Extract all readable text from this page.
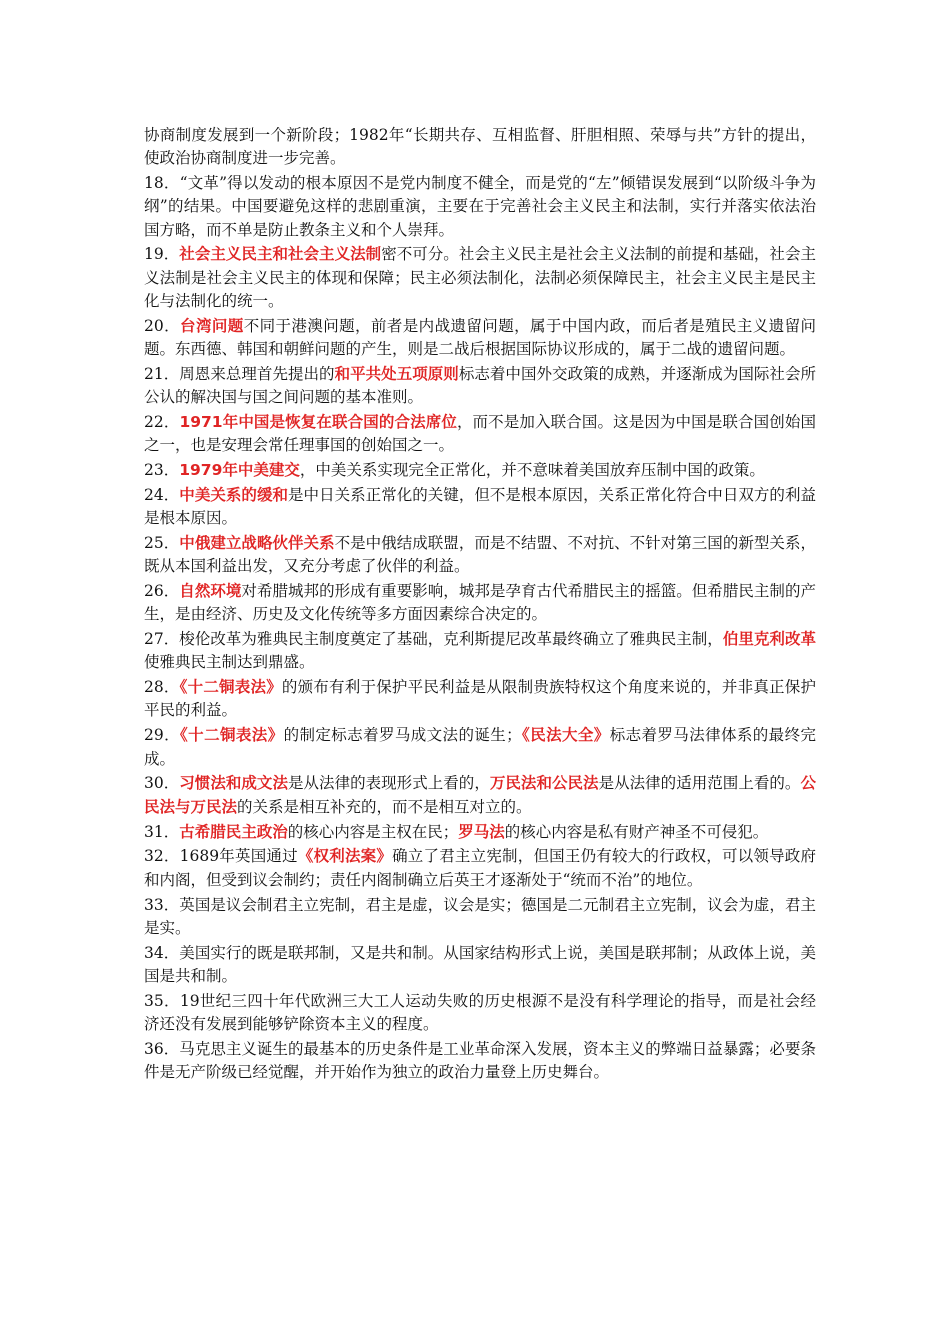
协商制度发展到一个新阶段；1982年“长期共存、互相监督、肝胆相照、荣辱与共”方针的提出，使政治协商制度进一步完善。

18．“文革”得以发动的根本原因不是党内制度不健全，而是党的“左”倾错误发展到“以阶级斗争为纲”的结果。中国要避免这样的悲剧重演，主要在于完善社会主义民主和法制，实行并落实依法治国方略，而不单是防止教条主义和个人崇拜。

19．社会主义民主和社会主义法制密不可分。社会主义民主是社会主义法制的前提和基础，社会主义法制是社会主义民主的体现和保障；民主必须法制化，法制必须保障民主，社会主义民主是民主化与法制化的统一。

20．台湾问题不同于港澳问题，前者是内战遗留问题，属于中国内政，而后者是殖民主义遗留问题。东西德、韩国和朝鲜问题的产生，则是二战后根据国际协议形成的，属于二战的遗留问题。

21．周恩来总理首先提出的和平共处五项原则标志着中国外交政策的成熟，并逐渐成为国际社会所公认的解决国与国之间问题的基本准则。

22．1971年中国是恢复在联合国的合法席位，而不是加入联合国。这是因为中国是联合国创始国之一，也是安理会常任理事国的创始国之一。

23．1979年中美建交，中美关系实现完全正常化，并不意味着美国放弃压制中国的政策。

24．中美关系的缓和是中日关系正常化的关键，但不是根本原因，关系正常化符合中日双方的利益是根本原因。

25．中俄建立战略伙伴关系不是中俄结成联盟，而是不结盟、不对抗、不针对第三国的新型关系，既从本国利益出发，又充分考虑了伙伴的利益。

26．自然环境对希腊城邦的形成有重要影响，城邦是孕育古代希腊民主的摇篮。但希腊民主制的产生，是由经济、历史及文化传统等多方面因素综合决定的。

27．梭伦改革为雅典民主制度奠定了基础，克利斯提尼改革最终确立了雅典民主制，伯里克利改革使雅典民主制达到鼎盛。

28．《十二铜表法》的颁布有利于保护平民利益是从限制贵族特权这个角度来说的，并非真正保护平民的利益。

29．《十二铜表法》的制定标志着罗马成文法的诞生；《民法大全》标志着罗马法律体系的最终完成。

30．习惯法和成文法是从法律的表现形式上看的，万民法和公民法是从法律的适用范围上看的。公民法与万民法的关系是相互补充的，而不是相互对立的。

31．古希腊民主政治的核心内容是主权在民；罗马法的核心内容是私有财产神圣不可侵犯。

32．1689年英国通过《权利法案》确立了君主立宪制，但国王仍有较大的行政权，可以领导政府和内阁，但受到议会制约；责任内阁制确立后英王才逐渐处于“统而不治”的地位。

33．英国是议会制君主立宪制，君主是虚，议会是实；德国是二元制君主立宪制，议会为虚，君主是实。

34．美国实行的既是联邦制，又是共和制。从国家结构形式上说，美国是联邦制；从政体上说，美国是共和制。

35．19世纪三四十年代欧洲三大工人运动失败的历史根源不是没有科学理论的指导，而是社会经济还没有发展到能够铲除资本主义的程度。

36．马克思主义诞生的最基本的历史条件是工业革命深入发展，资本主义的弊端日益暴露；必要条件是无产阶级已经觉醒，并开始作为独立的政治力量登上历史舞台。
